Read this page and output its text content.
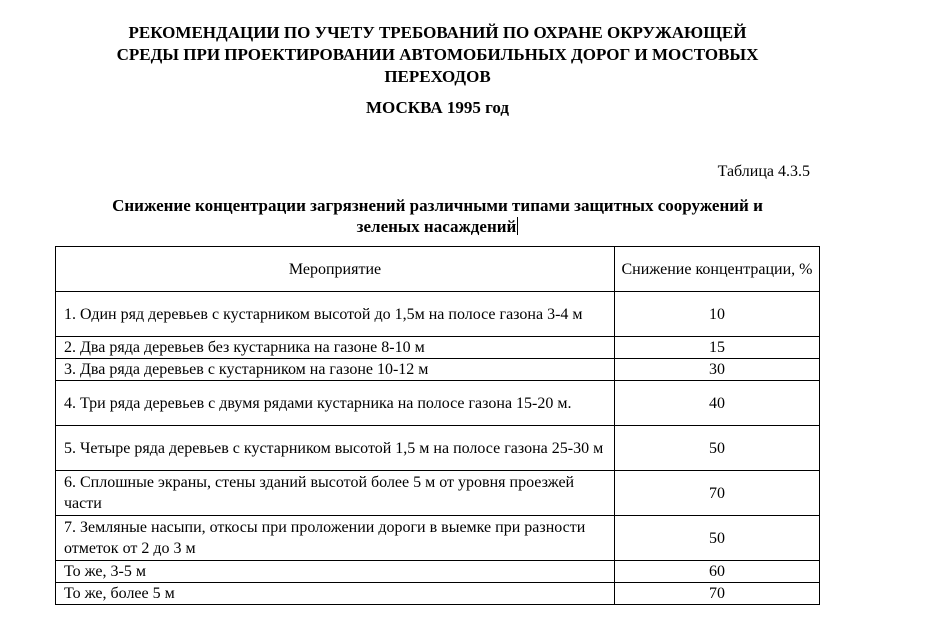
РЕКОМЕНДАЦИИ ПО УЧЕТУ ТРЕБОВАНИЙ ПО ОХРАНЕ ОКРУЖАЮЩЕЙ
СРЕДЫ ПРИ ПРОЕКТИРОВАНИИ АВТОМОБИЛЬНЫХ ДОРОГ И МОСТОВЫХ
ПЕРЕХОДОВ
МОСКВА 1995 год
Таблица 4.3.5
Снижение концентрации загрязнений различными типами защитных сооружений и
зеленых насаждений
Мероприятие	Снижение концентрации, %
1. Один ряд деревьев с кустарником высотой до 1,5м на полосе газона 3-4 м	10
2. Два ряда деревьев без кустарника на газоне 8-10 м	15
3. Два ряда деревьев с кустарником на газоне 10-12 м	30
4. Три ряда деревьев с двумя рядами кустарника на полосе газона 15-20 м.	40
5. Четыре ряда деревьев с кустарником высотой 1,5 м на полосе газона 25-30 м	50
6. Сплошные экраны, стены зданий высотой более 5 м от уровня проезжей части	70
7. Земляные насыпи, откосы при проложении дороги в выемке при разности отметок от 2 до 3 м	50
То же, 3-5 м	60
То же, более 5 м	70
